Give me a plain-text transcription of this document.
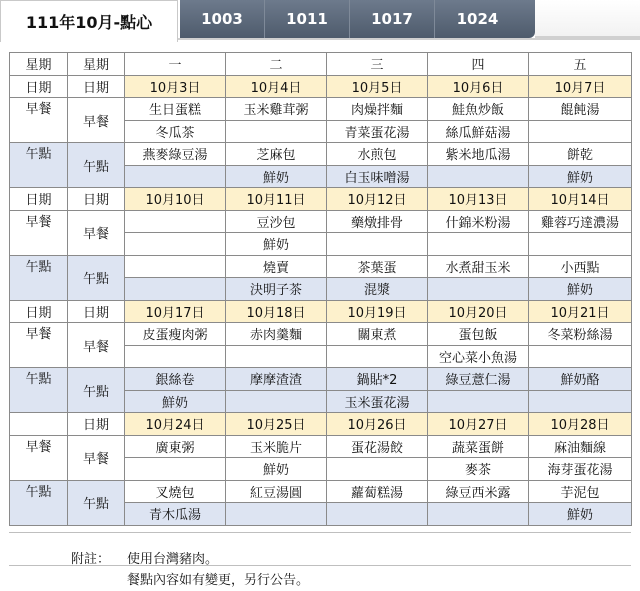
111年10月-點心	1003	1011	1017	1024
星期	星期	一	二	三	四	五
日期	日期	10月3日	10月4日	10月5日	10月6日	10月7日
早餐	早餐	生日蛋糕	玉米雞茸粥	肉燥拌麵	鮭魚炒飯	餛飩湯
		冬瓜茶		青菜蛋花湯	絲瓜鮮菇湯	
午點	午點	燕麥綠豆湯	芝麻包	水煎包	紫米地瓜湯	餅乾
			鮮奶	白玉味噌湯		鮮奶
日期	日期	10月10日	10月11日	10月12日	10月13日	10月14日
早餐	早餐		豆沙包	藥燉排骨	什錦米粉湯	雞蓉巧達濃湯
			鮮奶			
午點	午點		燒賣	茶葉蛋	水煮甜玉米	小西點
			決明子茶	混漿		鮮奶
日期	日期	10月17日	10月18日	10月19日	10月20日	10月21日
早餐	早餐	皮蛋瘦肉粥	赤肉羹麵	關東煮	蛋包飯	冬菜粉絲湯
					空心菜小魚湯	
午點	午點	銀絲卷	摩摩渣渣	鍋貼*2	綠豆薏仁湯	鮮奶酪
		鮮奶		玉米蛋花湯		
	日期	10月24日	10月25日	10月26日	10月27日	10月28日
早餐	早餐	廣東粥	玉米脆片	蛋花湯餃	蔬菜蛋餅	麻油麵線
			鮮奶		麥茶	海芽蛋花湯
午點	午點	叉燒包	紅豆湯圓	蘿蔔糕湯	綠豆西米露	芋泥包
		青木瓜湯				鮮奶
附註： 使用台灣豬肉。
餐點內容如有變更，另行公告。
